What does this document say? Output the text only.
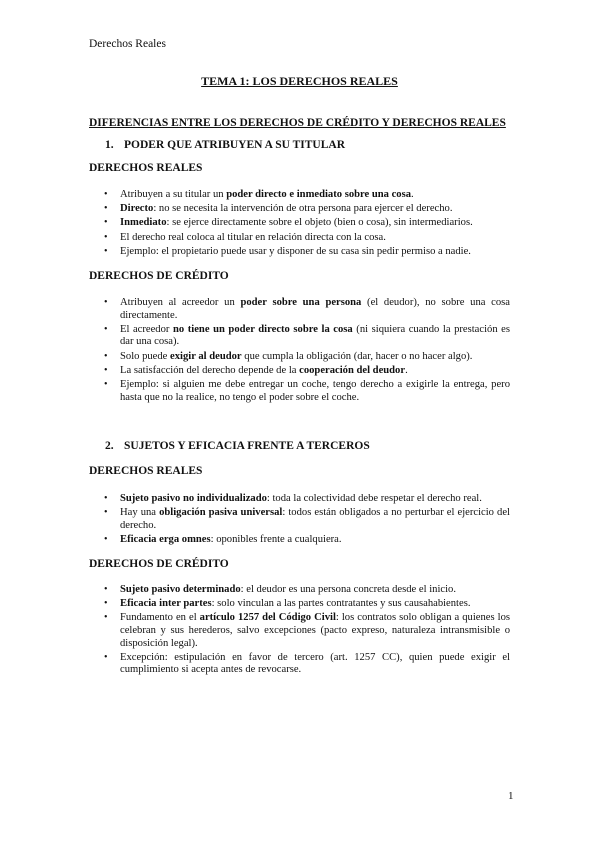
Derechos Reales
TEMA 1: LOS DERECHOS REALES
DIFERENCIAS ENTRE LOS DERECHOS DE CRÉDITO Y DERECHOS REALES
1. PODER QUE ATRIBUYEN A SU TITULAR
DERECHOS REALES
• Atribuyen a su titular un poder directo e inmediato sobre una cosa.
• Directo: no se necesita la intervención de otra persona para ejercer el derecho.
• Inmediato: se ejerce directamente sobre el objeto (bien o cosa), sin intermediarios.
• El derecho real coloca al titular en relación directa con la cosa.
• Ejemplo: el propietario puede usar y disponer de su casa sin pedir permiso a nadie.
DERECHOS DE CRÉDITO
• Atribuyen al acreedor un poder sobre una persona (el deudor), no sobre una cosa directamente.
• El acreedor no tiene un poder directo sobre la cosa (ni siquiera cuando la prestación es dar una cosa).
• Solo puede exigir al deudor que cumpla la obligación (dar, hacer o no hacer algo).
• La satisfacción del derecho depende de la cooperación del deudor.
• Ejemplo: si alguien me debe entregar un coche, tengo derecho a exigirle la entrega, pero hasta que no la realice, no tengo el poder sobre el coche.
2. SUJETOS Y EFICACIA FRENTE A TERCEROS
DERECHOS REALES
• Sujeto pasivo no individualizado: toda la colectividad debe respetar el derecho real.
• Hay una obligación pasiva universal: todos están obligados a no perturbar el ejercicio del derecho.
• Eficacia erga omnes: oponibles frente a cualquiera.
DERECHOS DE CRÉDITO
• Sujeto pasivo determinado: el deudor es una persona concreta desde el inicio.
• Eficacia inter partes: solo vinculan a las partes contratantes y sus causahabientes.
• Fundamento en el artículo 1257 del Código Civil: los contratos solo obligan a quienes los celebran y sus herederos, salvo excepciones (pacto expreso, naturaleza intransmisible o disposición legal).
• Excepción: estipulación en favor de tercero (art. 1257 CC), quien puede exigir el cumplimiento si acepta antes de revocarse.
1
